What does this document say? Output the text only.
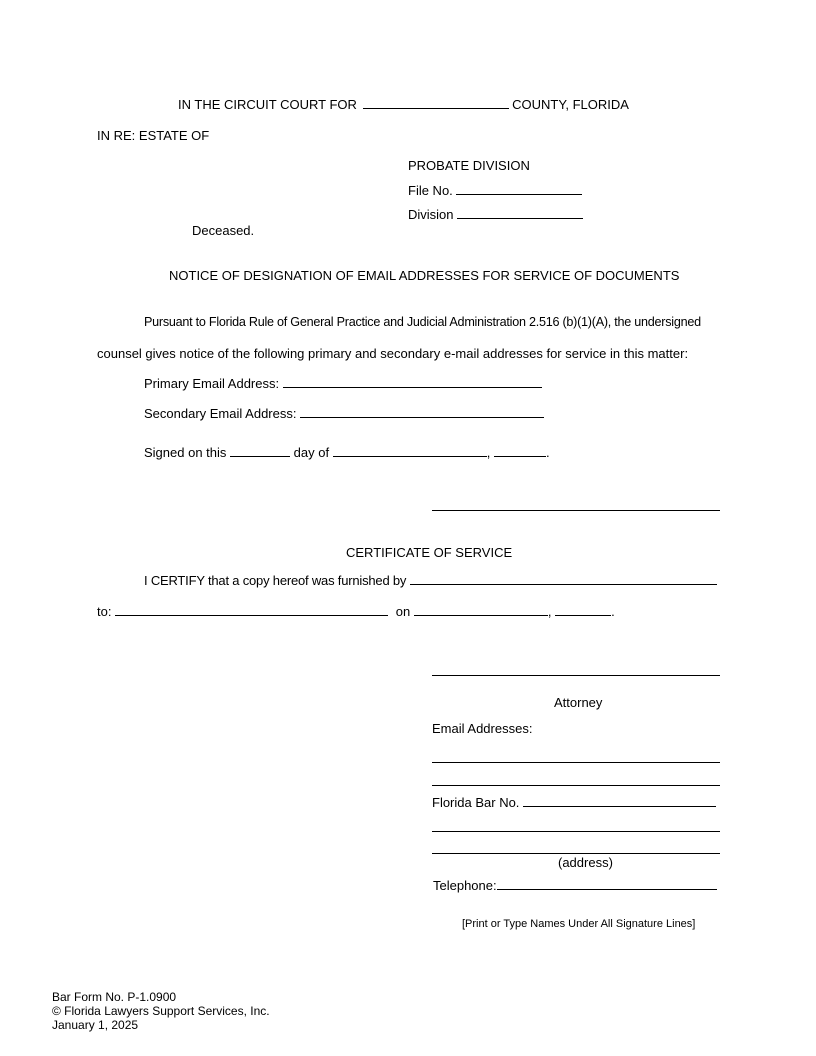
IN THE CIRCUIT COURT FOR	COUNTY, FLORIDA
IN RE: ESTATE OF
PROBATE DIVISION
File No.
Division
Deceased.
NOTICE OF DESIGNATION OF EMAIL ADDRESSES FOR SERVICE OF DOCUMENTS
Pursuant to Florida Rule of General Practice and Judicial Administration 2.516 (b)(1)(A), the undersigned
counsel gives notice of the following primary and secondary e-mail addresses for service in this matter:
Primary Email Address:
Secondary Email Address:
Signed on this	day of	,	.
CERTIFICATE OF SERVICE
I CERTIFY that a copy hereof was furnished by
to:	on	,	.
Attorney
Email Addresses:
Florida Bar No.
(address)
Telephone:
[Print or Type Names Under All Signature Lines]
Bar Form No. P-1.0900
© Florida Lawyers Support Services, Inc.
January 1, 2025
